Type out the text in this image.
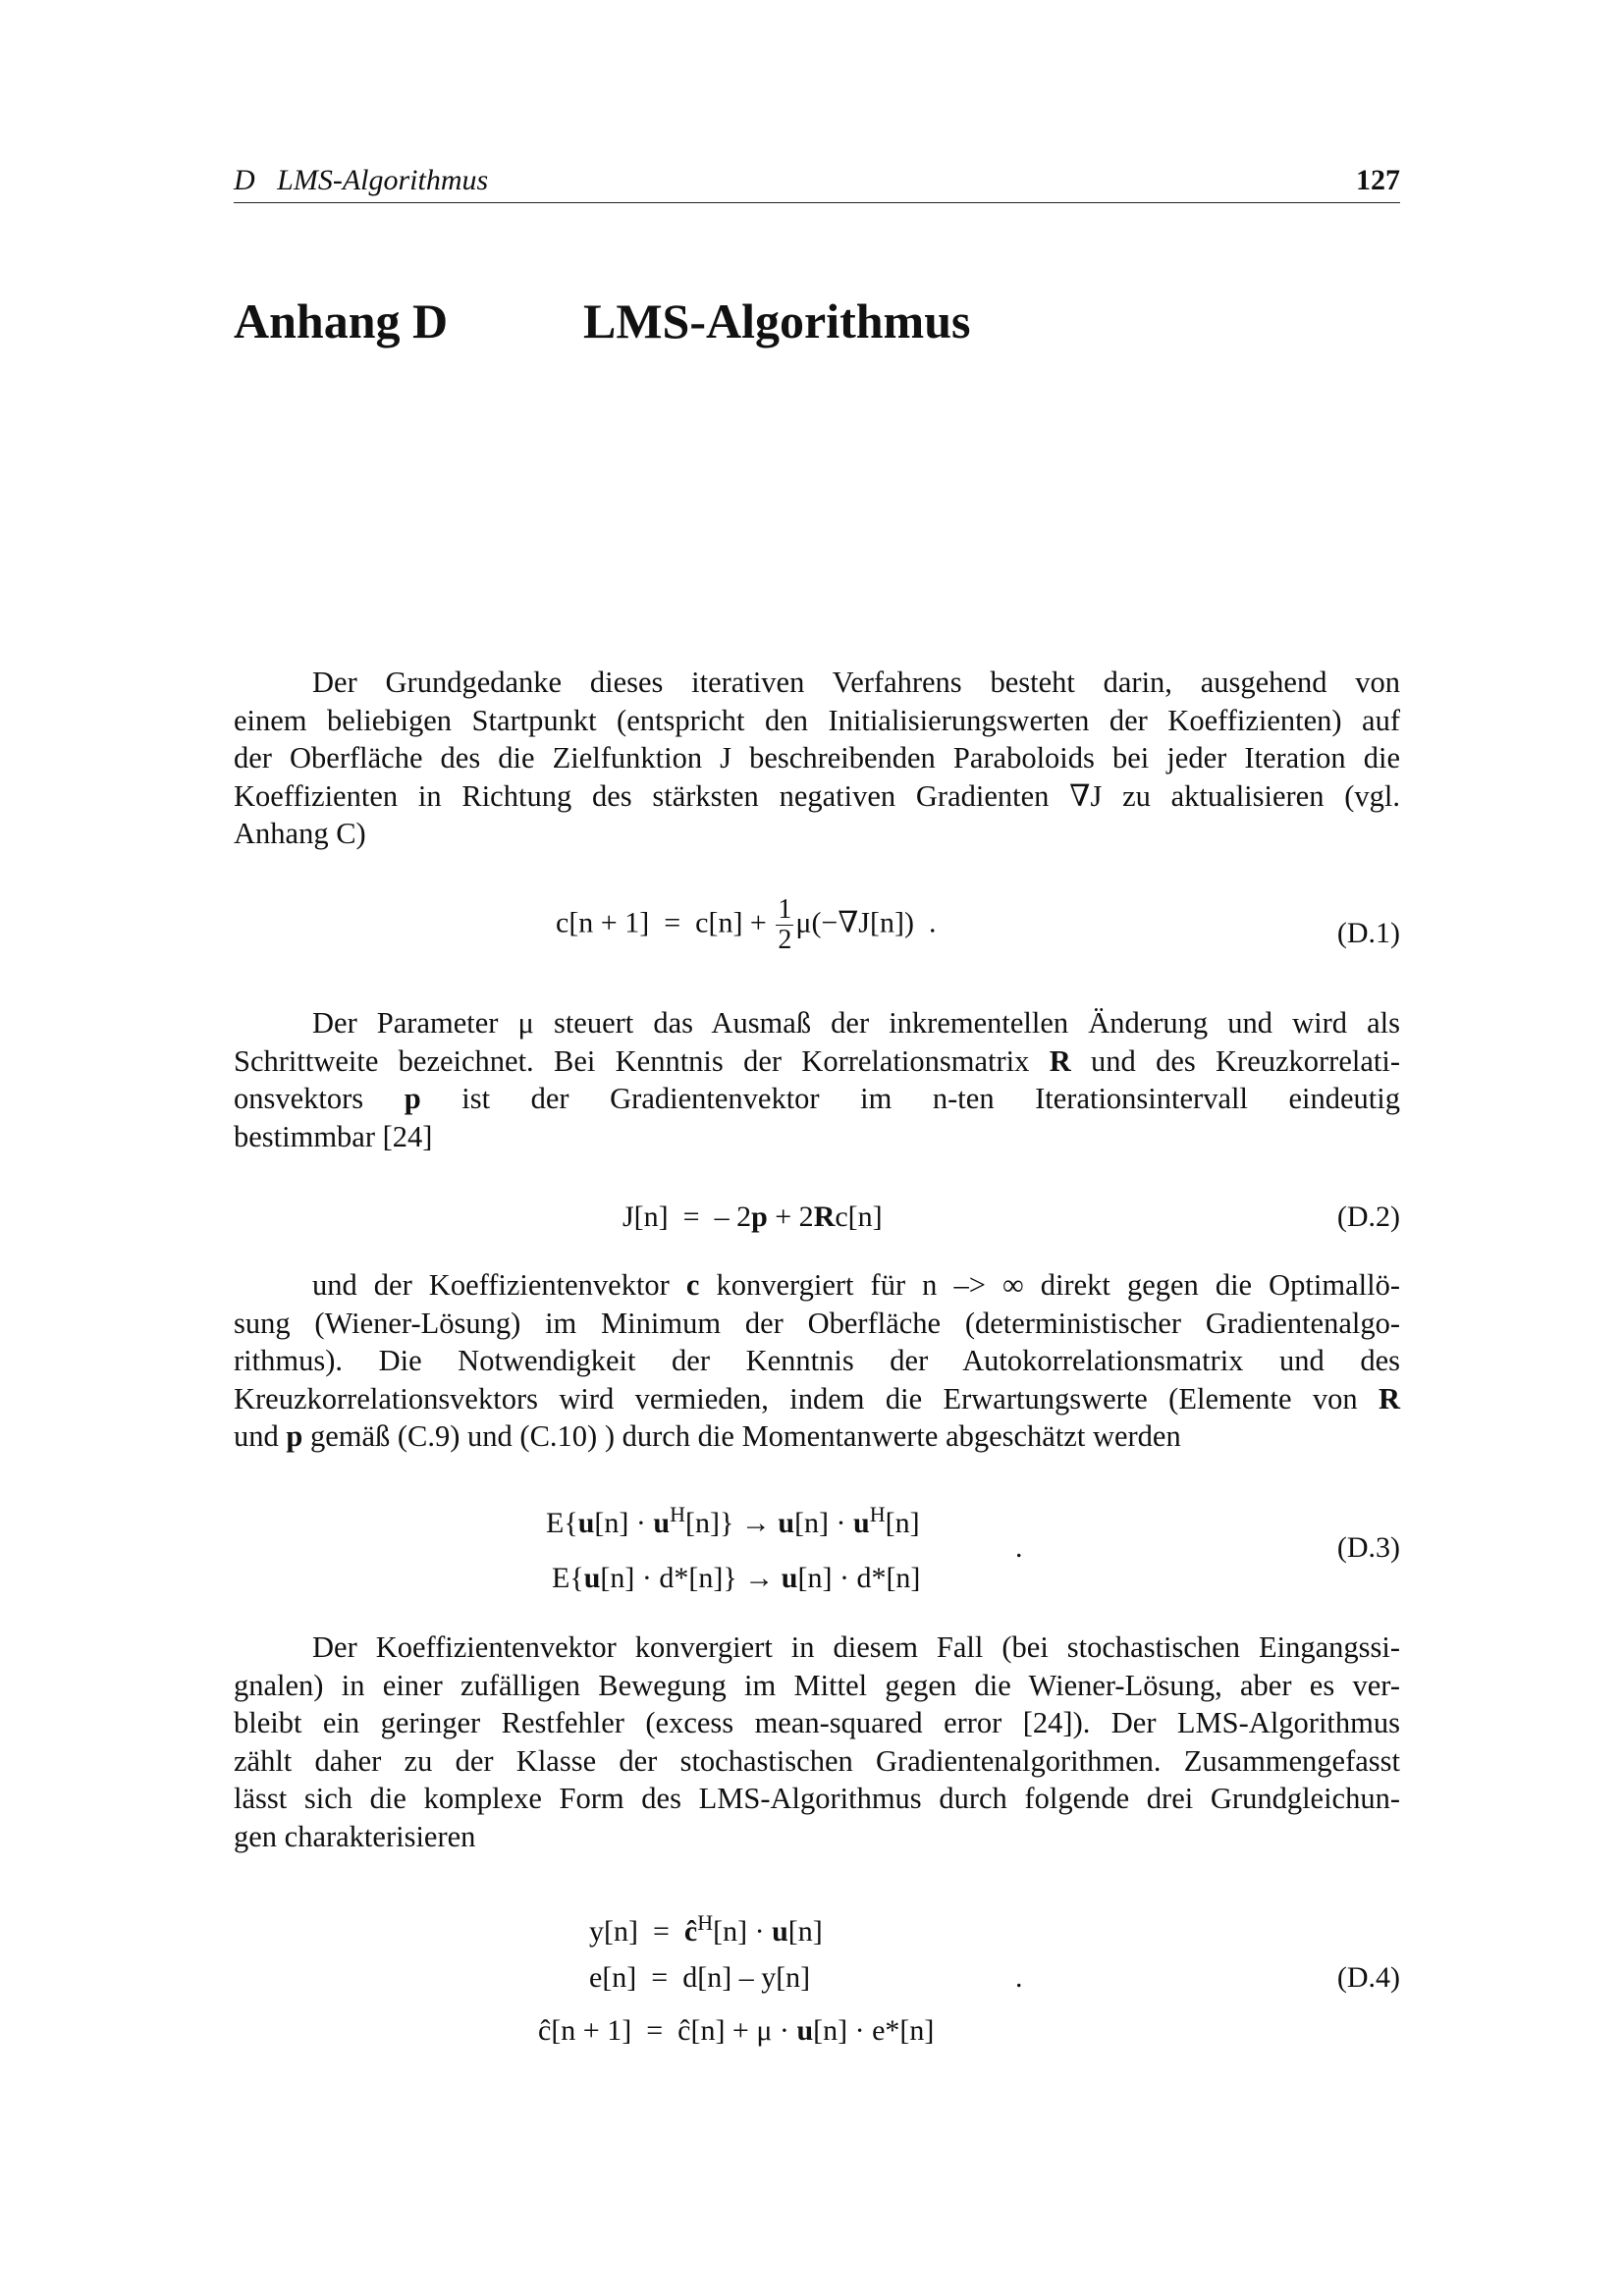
D   LMS-Algorithmus	127
Anhang D	LMS-Algorithmus
Der Grundgedanke dieses iterativen Verfahrens besteht darin, ausgehend von
einem beliebigen Startpunkt (entspricht den Initialisierungswerten der Koeffizienten) auf
der Oberfläche des die Zielfunktion J beschreibenden Paraboloids bei jeder Iteration die
Koeffizienten in Richtung des stärksten negativen Gradienten ∇J zu aktualisieren (vgl.
Anhang C)
$c[n + 1] = c[n] + \frac{1}{2} \mu(-\nabla J[n])$  .	(D.1)
Der Parameter μ steuert das Ausmaß der inkrementellen Änderung und wird als
Schrittweite bezeichnet. Bei Kenntnis der Korrelationsmatrix R und des Kreuzkorrelati-
onsvektors p ist der Gradientenvektor im n-ten Iterationsintervall eindeutig
bestimmbar [24]
J[n]  =  – 2p + 2Rc[n]	(D.2)
und der Koeffizientenvektor c konvergiert für n –> ∞ direkt gegen die Optimallö-
sung (Wiener-Lösung) im Minimum der Oberfläche (deterministischer Gradientenalgo-
rithmus). Die Notwendigkeit der Kenntnis der Autokorrelationsmatrix und des
Kreuzkorrelationsvektors wird vermieden, indem die Erwartungswerte (Elemente von R
und p gemäß (C.9) und (C.10) ) durch die Momentanwerte abgeschätzt werden
$E\{u[n] \cdot u^H[n]\} \to u[n] \cdot u^H[n]$
E{u[n] · d*[n]} → u[n] · d*[n]
.	(D.3)
Der Koeffizientenvektor konvergiert in diesem Fall (bei stochastischen Eingangssi-
gnalen) in einer zufälligen Bewegung im Mittel gegen die Wiener-Lösung, aber es ver-
bleibt ein geringer Restfehler (excess mean-squared error [24]). Der LMS-Algorithmus
zählt daher zu der Klasse der stochastischen Gradientenalgorithmen. Zusammengefasst
lässt sich die komplexe Form des LMS-Algorithmus durch folgende drei Grundgleichun-
gen charakterisieren
$y[n] = ĉ^H[n] \cdot u[n]$
e[n]  =  d[n] – y[n]
ĉ[n + 1]  =  ĉ[n] + μ · u[n] · e*[n]
.	(D.4)
